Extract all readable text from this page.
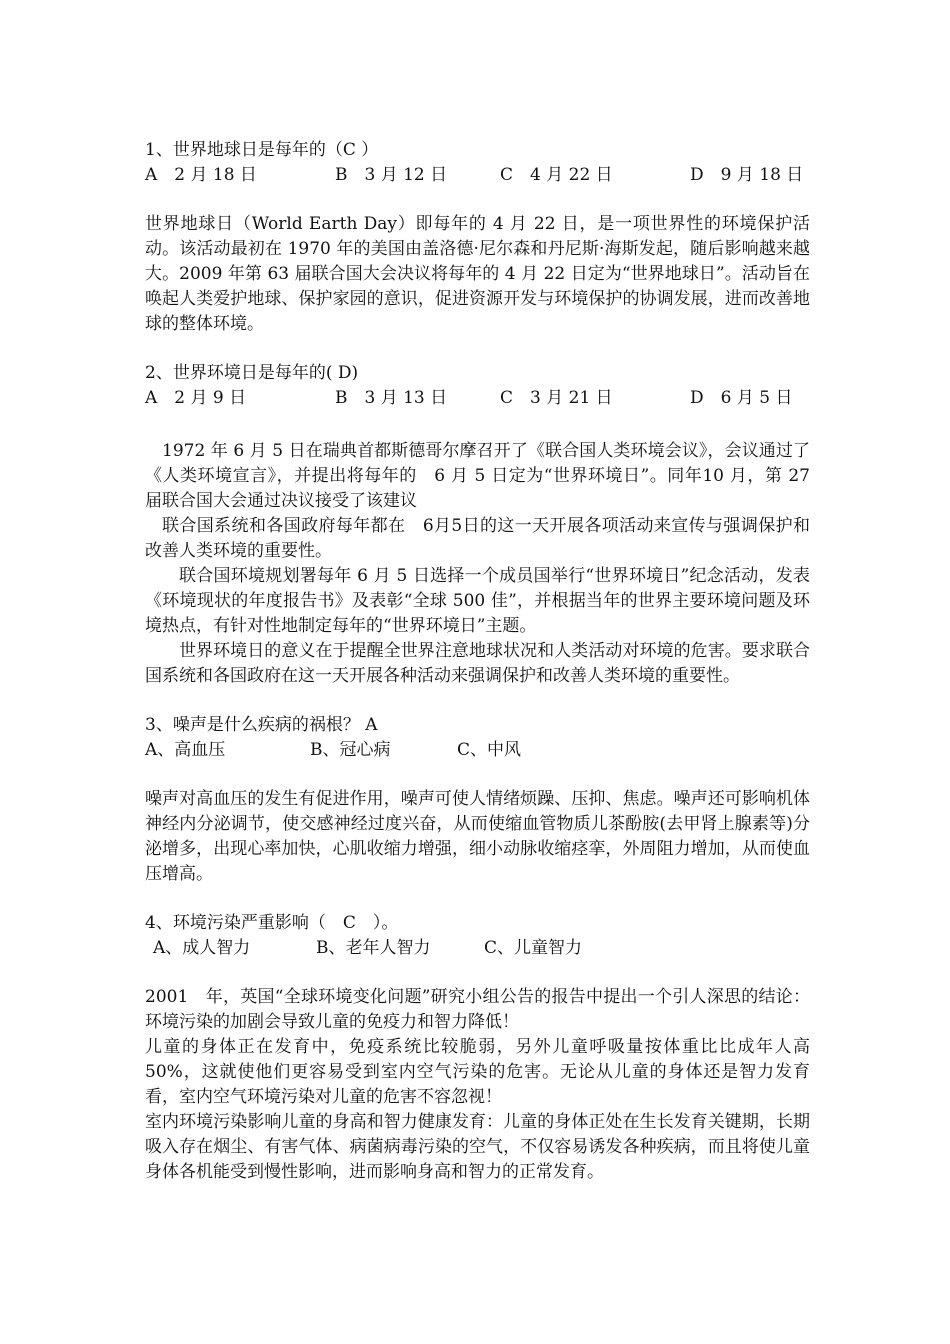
1、世界地球日是每年的（C ）
A　2 月 18 日	B　3 月 12 日	C　4 月 22 日	D　9 月 18 日
世界地球日（World Earth Day）即每年的 4 月 22 日，是一项世界性的环境保护活动。该活动最初在 1970 年的美国由盖洛德·尼尔森和丹尼斯·海斯发起，随后影响越来越大。2009 年第 63 届联合国大会决议将每年的 4 月 22 日定为“世界地球日”。活动旨在唤起人类爱护地球、保护家园的意识，促进资源开发与环境保护的协调发展，进而改善地球的整体环境。
2、世界环境日是每年的( D)
A　2 月 9 日	B　3 月 13 日	C　3 月 21 日	D　6 月 5 日
1972 年 6 月 5 日在瑞典首都斯德哥尔摩召开了《联合国人类环境会议》，会议通过了《人类环境宣言》，并提出将每年的　6 月 5 日定为“世界环境日”。同年10 月，第 27 届联合国大会通过决议接受了该建议
联合国系统和各国政府每年都在　6月5日的这一天开展各项活动来宣传与强调保护和改善人类环境的重要性。
联合国环境规划署每年 6 月 5 日选择一个成员国举行“世界环境日”纪念活动，发表《环境现状的年度报告书》及表彰“全球 500 佳”，并根据当年的世界主要环境问题及环境热点，有针对性地制定每年的“世界环境日”主题。
世界环境日的意义在于提醒全世界注意地球状况和人类活动对环境的危害。要求联合国系统和各国政府在这一天开展各种活动来强调保护和改善人类环境的重要性。
3、噪声是什么疾病的祸根？ A
A、高血压	B、冠心病	C、中风
噪声对高血压的发生有促进作用，噪声可使人情绪烦躁、压抑、焦虑。噪声还可影响机体神经内分泌调节，使交感神经过度兴奋，从而使缩血管物质儿茶酚胺(去甲肾上腺素等)分泌增多，出现心率加快，心肌收缩力增强，细小动脉收缩痉挛，外周阻力增加，从而使血压增高。
4、环境污染严重影响（　C　）。
A、成人智力	B、老年人智力	C、儿童智力
2001　年，英国“全球环境变化问题”研究小组公告的报告中提出一个引人深思的结论：环境污染的加剧会导致儿童的免疫力和智力降低！
儿童的身体正在发育中，免疫系统比较脆弱，另外儿童呼吸量按体重比比成年人高 50%，这就使他们更容易受到室内空气污染的危害。无论从儿童的身体还是智力发育看，室内空气环境污染对儿童的危害不容忽视！
室内环境污染影响儿童的身高和智力健康发育：儿童的身体正处在生长发育关键期，长期吸入存在烟尘、有害气体、病菌病毒污染的空气，不仅容易诱发各种疾病，而且将使儿童身体各机能受到慢性影响，进而影响身高和智力的正常发育。
